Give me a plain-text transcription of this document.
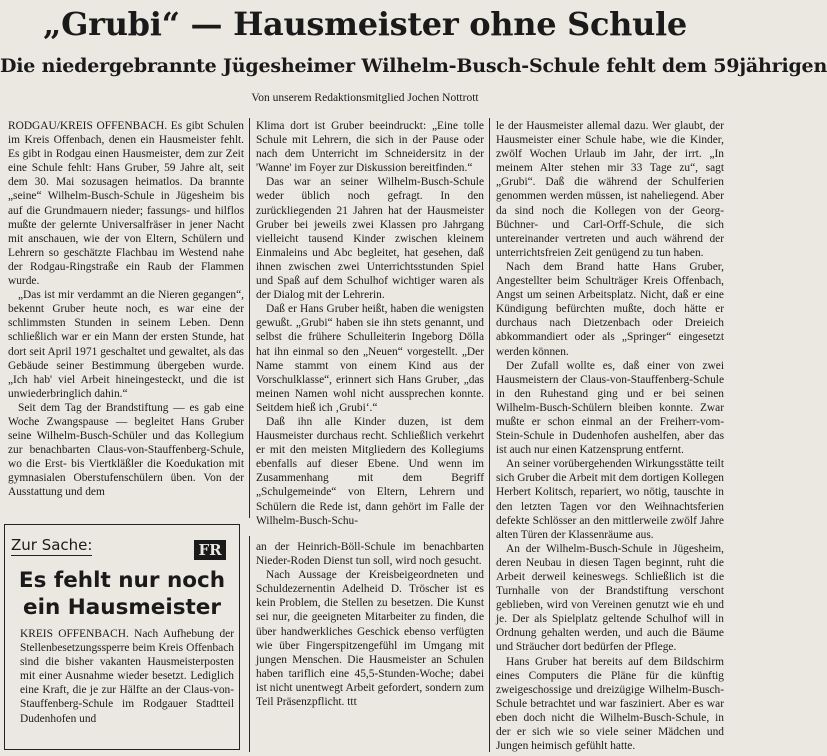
„Grubi“ — Hausmeister ohne Schule
Die niedergebrannte Jügesheimer Wilhelm-Busch-Schule fehlt dem 59jährigen
Von unserem Redaktionsmitglied Jochen Nottrott

RODGAU/KREIS OFFENBACH. Es gibt Schulen im Kreis Offenbach, denen ein Hausmeister fehlt. Es gibt in Rodgau einen Hausmeister, dem zur Zeit eine Schule fehlt: Hans Gruber, 59 Jahre alt, seit dem 30. Mai sozusagen heimatlos. Da brannte „seine“ Wilhelm-Busch-Schule in Jügesheim bis auf die Grundmauern nieder; fassungs- und hilflos mußte der gelernte Universalfräser in jener Nacht mit anschauen, wie der von Eltern, Schülern und Lehrern so geschätzte Flachbau im Westend nahe der Rodgau-Ringstraße ein Raub der Flammen wurde.

„Das ist mir verdammt an die Nieren gegangen“, bekennt Gruber heute noch, es war eine der schlimmsten Stunden in seinem Leben. Denn schließlich war er ein Mann der ersten Stunde, hat dort seit April 1971 geschaltet und gewaltet, als das Gebäude seiner Bestimmung übergeben wurde. „Ich hab' viel Arbeit hineingesteckt, und die ist unwiederbringlich dahin.“

Seit dem Tag der Brandstiftung — es gab eine Woche Zwangspause — begleitet Hans Gruber seine Wilhelm-Busch-Schüler und das Kollegium zur benachbarten Claus-von-Stauffenberg-Schule, wo die Erst- bis Viertkläßler die Koedukation mit gymnasialen Oberstufenschülern üben. Von der Ausstattung und dem

Klima dort ist Gruber beeindruckt: „Eine tolle Schule mit Lehrern, die sich in der Pause oder nach dem Unterricht im Schneidersitz in der 'Wanne' im Foyer zur Diskussion bereitfinden.“

Das war an seiner Wilhelm-Busch-Schule weder üblich noch gefragt. In den zurückliegenden 21 Jahren hat der Hausmeister Gruber bei jeweils zwei Klassen pro Jahrgang vielleicht tausend Kinder zwischen kleinem Einmaleins und Abc begleitet, hat gesehen, daß ihnen zwischen zwei Unterrichtsstunden Spiel und Spaß auf dem Schulhof wichtiger waren als der Dialog mit der Lehrerin.

Daß er Hans Gruber heißt, haben die wenigsten gewußt. „Grubi“ haben sie ihn stets genannt, und selbst die frühere Schulleiterin Ingeborg Dölla hat ihn einmal so den „Neuen“ vorgestellt. „Der Name stammt von einem Kind aus der Vorschulklasse“, erinnert sich Hans Gruber, „das meinen Namen wohl nicht aussprechen konnte. Seitdem hieß ich ‚Grubi‘.“

Daß ihn alle Kinder duzen, ist dem Hausmeister durchaus recht. Schließlich verkehrt er mit den meisten Mitgliedern des Kollegiums ebenfalls auf dieser Ebene. Und wenn im Zusammenhang mit dem Begriff „Schulgemeinde“ von Eltern, Lehrern und Schülern die Rede ist, dann gehört im Falle der Wilhelm-Busch-Schu-

le der Hausmeister allemal dazu. Wer glaubt, der Hausmeister einer Schule habe, wie die Kinder, zwölf Wochen Urlaub im Jahr, der irrt. „In meinem Alter stehen mir 33 Tage zu“, sagt „Grubi“. Daß die während der Schulferien genommen werden müssen, ist naheliegend. Aber da sind noch die Kollegen von der Georg-Büchner- und Carl-Orff-Schule, die sich untereinander vertreten und auch während der unterrichtsfreien Zeit genügend zu tun haben.

Nach dem Brand hatte Hans Gruber, Angestellter beim Schulträger Kreis Offenbach, Angst um seinen Arbeitsplatz. Nicht, daß er eine Kündigung befürchten mußte, doch hätte er durchaus nach Dietzenbach oder Dreieich abkommandiert oder als „Springer“ eingesetzt werden können.

Der Zufall wollte es, daß einer von zwei Hausmeistern der Claus-von-Stauffenberg-Schule in den Ruhestand ging und er bei seinen Wilhelm-Busch-Schülern bleiben konnte. Zwar mußte er schon einmal an der Freiherr-vom-Stein-Schule in Dudenhofen aushelfen, aber das ist auch nur einen Katzensprung entfernt.

An seiner vorübergehenden Wirkungsstätte teilt sich Gruber die Arbeit mit dem dortigen Kollegen Herbert Kolitsch, repariert, wo nötig, tauschte in den letzten Tagen vor den Weihnachtsferien defekte Schlösser an den mittlerweile zwölf Jahre alten Türen der Klassenräume aus.

An der Wilhelm-Busch-Schule in Jügesheim, deren Neubau in diesen Tagen beginnt, ruht die Arbeit derweil keineswegs. Schließlich ist die Turnhalle von der Brandstiftung verschont geblieben, wird von Vereinen genutzt wie eh und je. Der als Spielplatz geltende Schulhof will in Ordnung gehalten werden, und auch die Bäume und Sträucher dort bedürfen der Pflege.

Hans Gruber hat bereits auf dem Bildschirm eines Computers die Pläne für die künftig zweigeschossige und dreizügige Wilhelm-Busch-Schule betrachtet und war fasziniert. Aber es war eben doch nicht die Wilhelm-Busch-Schule, in der er sich wie so viele seiner Mädchen und Jungen heimisch gefühlt hatte.

Zur Sache:	FR
Es fehlt nur noch ein Hausmeister

KREIS OFFENBACH. Nach Aufhebung der Stellenbesetzungssperre beim Kreis Offenbach sind die bisher vakanten Hausmeisterposten mit einer Ausnahme wieder besetzt. Lediglich eine Kraft, die je zur Hälfte an der Claus-von-Stauffenberg-Schule im Rodgauer Stadtteil Dudenhofen und

an der Heinrich-Böll-Schule im benachbarten Nieder-Roden Dienst tun soll, wird noch gesucht.

Nach Aussage der Kreisbeigeordneten und Schuldezernentin Adelheid D. Tröscher ist es kein Problem, die Stellen zu besetzen. Die Kunst sei nur, die geeigneten Mitarbeiter zu finden, die über handwerkliches Geschick ebenso verfügten wie über Fingerspitzengefühl im Umgang mit jungen Menschen. Die Hausmeister an Schulen haben tariflich eine 45,5-Stunden-Woche; dabei ist nicht unentwegt Arbeit gefordert, sondern zum Teil Präsenzpflicht. ttt
